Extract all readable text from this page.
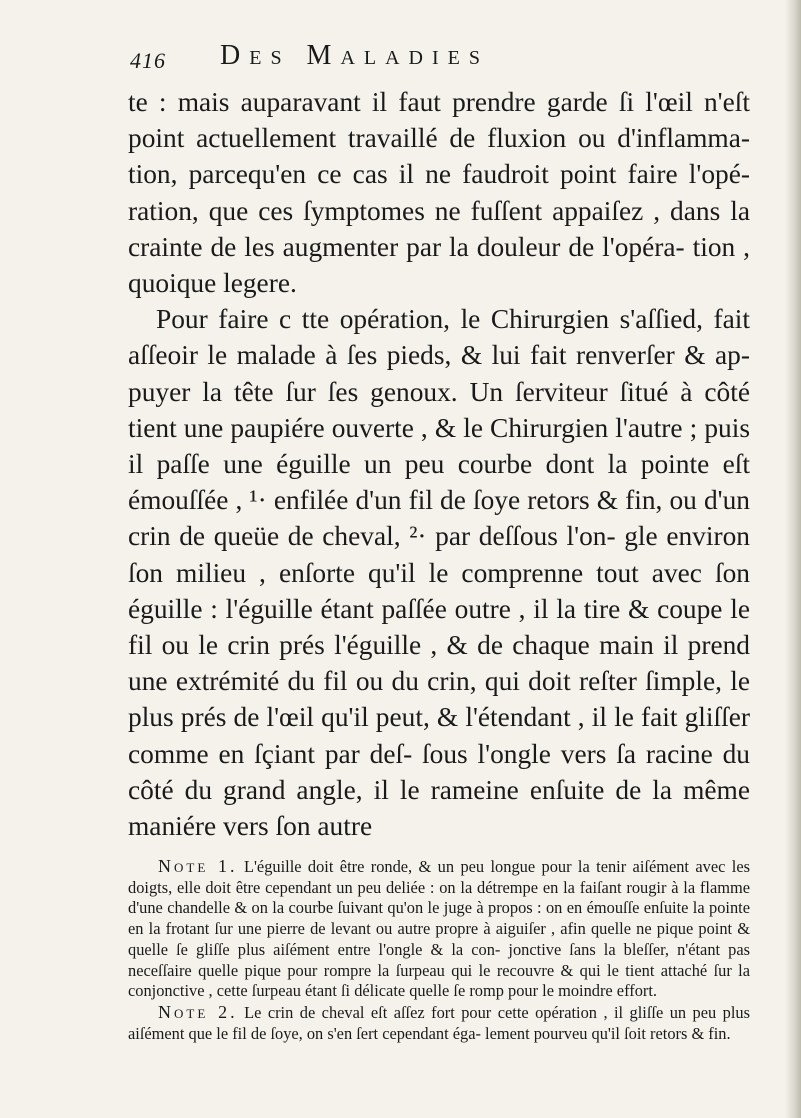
416 Des Maladies

te : mais auparavant il faut prendre garde ſi l'œil n'eſt point actuellement travaillé de fluxion ou d'inflamma- tion, parcequ'en ce cas il ne faudroit point faire l'opé- ration, que ces ſymptomes ne fuſſent appaiſez , dans la crainte de les augmenter par la douleur de l'opéra- tion , quoique legere.

Pour faire c tte opération, le Chirurgien s'aſſied, fait aſſeoir le malade à ſes pieds, & lui fait renverſer & ap- puyer la tête ſur ſes genoux. Un ſerviteur ſitué à côté tient une paupiére ouverte , & le Chirurgien l'autre ; puis il paſſe une éguille un peu courbe dont la pointe eſt émouſſée , ¹· enfilée d'un fil de ſoye retors & fin, ou d'un crin de queüe de cheval, ²· par deſſous l'on- gle environ ſon milieu , enſorte qu'il le comprenne tout avec ſon éguille : l'éguille étant paſſée outre , il la tire & coupe le fil ou le crin prés l'éguille , & de chaque main il prend une extrémité du fil ou du crin, qui doit reſter ſimple, le plus prés de l'œil qu'il peut, & l'étendant , il le fait gliſſer comme en ſçiant par deſ- ſous l'ongle vers ſa racine du côté du grand angle, il le rameine enſuite de la même maniére vers ſon autre

Note 1. L'éguille doit être ronde, & un peu longue pour la tenir aiſément avec les doigts, elle doit être cependant un peu deliée : on la détrempe en la faiſant rougir à la flamme d'une chandelle & on la courbe ſuivant qu'on le juge à propos : on en émouſſe enſuite la pointe en la frotant ſur une pierre de levant ou autre propre à aiguiſer , afin quelle ne pique point & quelle ſe gliſſe plus aiſément entre l'ongle & la con- jonctive ſans la bleſſer, n'étant pas neceſſaire quelle pique pour rompre la ſurpeau qui le recouvre & qui le tient attaché ſur la conjonctive , cette ſurpeau étant ſi délicate quelle ſe romp pour le moindre effort.

Note 2. Le crin de cheval eſt aſſez fort pour cette opération , il gliſſe un peu plus aiſément que le fil de ſoye, on s'en ſert cependant éga- lement pourveu qu'il ſoit retors & fin.
